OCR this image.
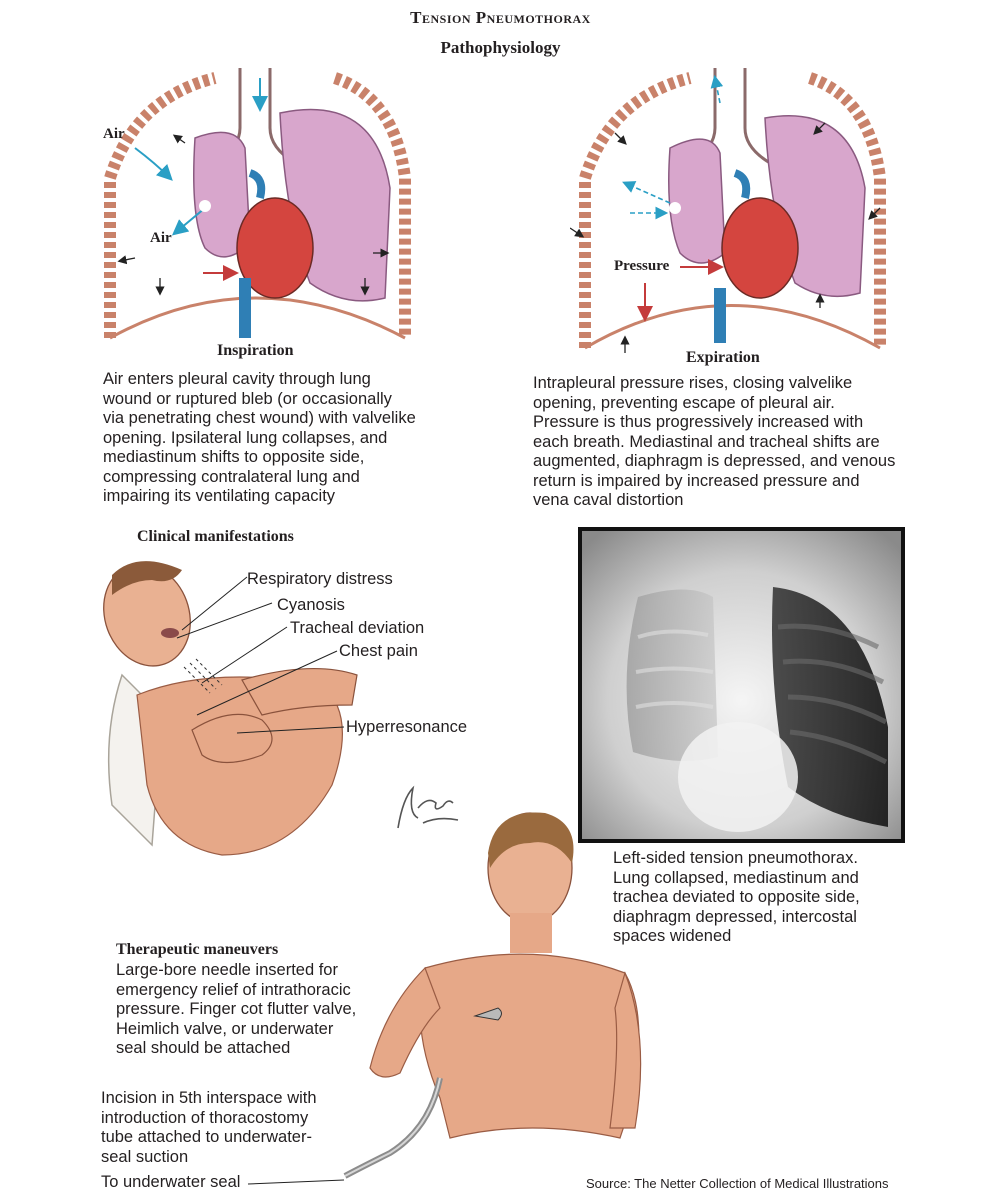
Tension Pneumothorax
Pathophysiology
Air
Air
Inspiration
Air enters pleural cavity through lung
wound or ruptured bleb (or occasionally
via penetrating chest wound) with valvelike
opening. Ipsilateral lung collapses, and
mediastinum shifts to opposite side,
compressing contralateral lung and
impairing its ventilating capacity
Pressure
Expiration
Intrapleural pressure rises, closing valvelike
opening, preventing escape of pleural air.
Pressure is thus progressively increased with
each breath. Mediastinal and tracheal shifts are
augmented, diaphragm is depressed, and venous
return is impaired by increased pressure and
vena caval distortion
Clinical manifestations
Respiratory distress
Cyanosis
Tracheal deviation
Chest pain
Hyperresonance
Left-sided tension pneumothorax.
Lung collapsed, mediastinum and
trachea deviated to opposite side,
diaphragm depressed, intercostal
spaces widened
Therapeutic maneuvers
Large-bore needle inserted for
emergency relief of intrathoracic
pressure. Finger cot flutter valve,
Heimlich valve, or underwater
seal should be attached
Incision in 5th interspace with
introduction of thoracostomy
tube attached to underwater-
seal suction
To underwater seal	Source: The Netter Collection of Medical Illustrations
